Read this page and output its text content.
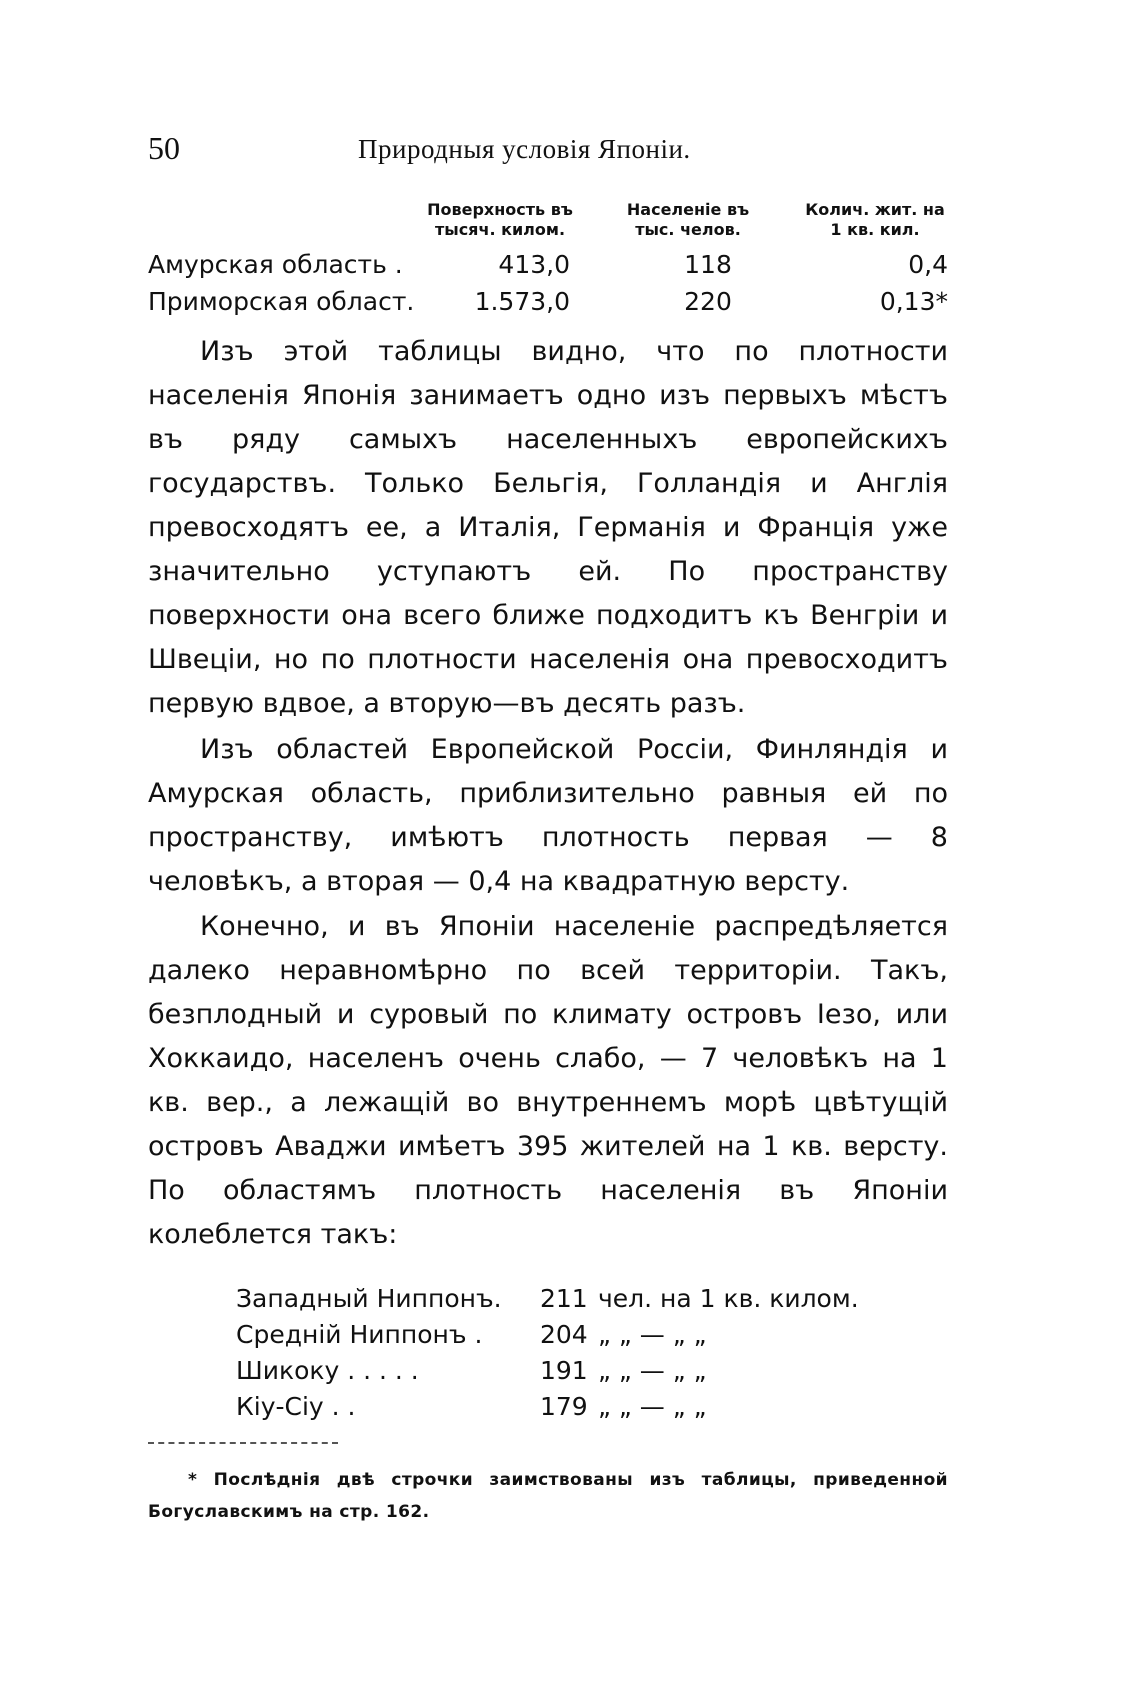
50	Природныя условія Японіи.
Поверхность въ
тысяч. килом.
Населеніе въ
тыс. челов.
Колич. жит. на
1 кв. кил.
Амурская область .	413,0	118	0,4
Приморская област.	1.573,0	220	0,13*

Изъ этой таблицы видно, что по плотности населенія Японія занимаетъ одно изъ первыхъ мѣстъ въ ряду самыхъ населенныхъ европейскихъ государствъ. Только Бельгія, Голландія и Англія превосходятъ ее, а Италія, Германія и Франція уже значительно уступаютъ ей. По пространству поверхности она всего ближе подходитъ къ Венгріи и Швеціи, но по плотности населенія она превосходитъ первую вдвое, а вторую—въ десять разъ.

Изъ областей Европейской Россіи, Финляндія и Амурская область, приблизительно равныя ей по пространству, имѣютъ плотность первая — 8 человѣкъ, а вторая — 0,4 на квадратную версту.

Конечно, и въ Японіи населеніе распредѣляется далеко неравномѣрно по всей территоріи. Такъ, безплодный и суровый по климату островъ Іезо, или Хоккаидо, населенъ очень слабо, — 7 человѣкъ на 1 кв. вер., а лежащій во внутреннемъ морѣ цвѣтущій островъ Аваджи имѣетъ 395 жителей на 1 кв. версту. По областямъ плотность населенія въ Японіи колеблется такъ:

Западный Ниппонъ. 211 чел. на 1 кв. килом.
Средній Ниппонъ . 204 „ „ — „ „
Шикоку . . . . .	191 „ „ — „ „
Кіу-Сіу . .	179 „ „ — „ „

* Послѣднія двѣ строчки заимствованы изъ таблицы, приведенной Богуславскимъ на стр. 162.
